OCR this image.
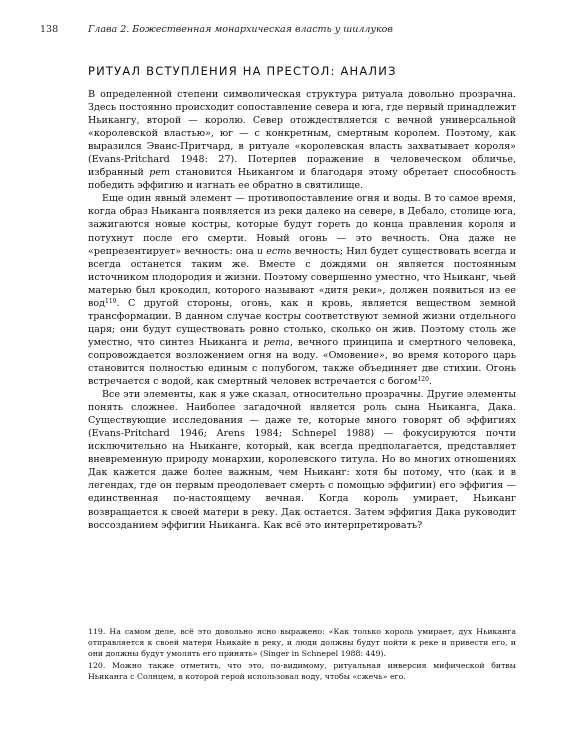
138	Глава 2. Божественная монархическая власть у шиллуков
РИТУАЛ ВСТУПЛЕНИЯ НА ПРЕСТОЛ: АНАЛИЗ

В определенной степени символическая структура ритуала довольно прозрачна. Здесь постоянно происходит сопоставление севера и юга, где первый принадлежит Ньикангу, второй — королю. Север отождествляется с вечной универсальной «королевской властью», юг — с конкретным, смертным королем. Поэтому, как выразился Эванс-Притчард, в ритуале «королевская власть захватывает короля» (Evans-Pritchard 1948: 27). Потерпев поражение в человеческом обличье, избранный рет становится Ньикангом и благодаря этому обретает способность победить эффигию и изгнать ее обратно в святилище.

Еще один явный элемент — противопоставление огня и воды. В то самое время, когда образ Ньиканга появляется из реки далеко на севере, в Дебало, столице юга, зажигаются новые костры, которые будут гореть до конца правления короля и потухнут после его смерти. Новый огонь — это вечность. Она даже не «репрезентирует» вечность: она и есть вечность; Нил будет существовать всегда и всегда останется таким же. Вместе с дождями он является постоянным источником плодородия и жизни. Поэтому совершенно уместно, что Ньиканг, чьей матерью был крокодил, которого называют «дитя реки», должен появиться из ее вод$^{119}$. С другой стороны, огонь, как и кровь, является веществом земной трансформации. В данном случае костры соответствуют земной жизни отдельного царя; они будут существовать ровно столько, сколько он жив. Поэтому столь же уместно, что синтез Ньиканга и рета, вечного принципа и смертного человека, сопровождается возложением огня на воду. «Омовение», во время которого царь становится полностью единым с полубогом, также объединяет две стихии. Огонь встречается с водой, как смертный человек встречается с богом$^{120}$.

Все эти элементы, как я уже сказал, относительно прозрачны. Другие элементы понять сложнее. Наиболее загадочной является роль сына Ньиканга, Дака. Существующие исследования — даже те, которые много говорят об эффигиях (Evans-Pritchard 1946; Arens 1984; Schnepel 1988) — фокусируются почти исключительно на Ньиканге, который, как всегда предполагается, представляет вневременную природу монархии, королевского титула. Но во многих отношениях Дак кажется даже более важным, чем Ньиканг: хотя бы потому, что (как и в легендах, где он первым преодолевает смерть с помощью эффигии) его эффигия — единственная по-настоящему вечная. Когда король умирает, Ньиканг возвращается к своей матери в реку. Дак остается. Затем эффигия Дака руководит воссозданием эффигии Ньиканга. Как всё это интерпретировать?

119. На самом деле, всё это довольно ясно выражено: «Как только король умирает, дух Ньиканга отправляется к своей матери Ньикайе в реку, и люди должны будут пойти к реке и привести его, и они должны будут умолять его принять» (Singer in Schnepel 1988: 449).

120. Можно также отметить, что это, по-видимому, ритуальная инверсия мифической битвы Ньиканга с Солнцем, в которой герой использовал воду, чтобы «сжечь» его.
